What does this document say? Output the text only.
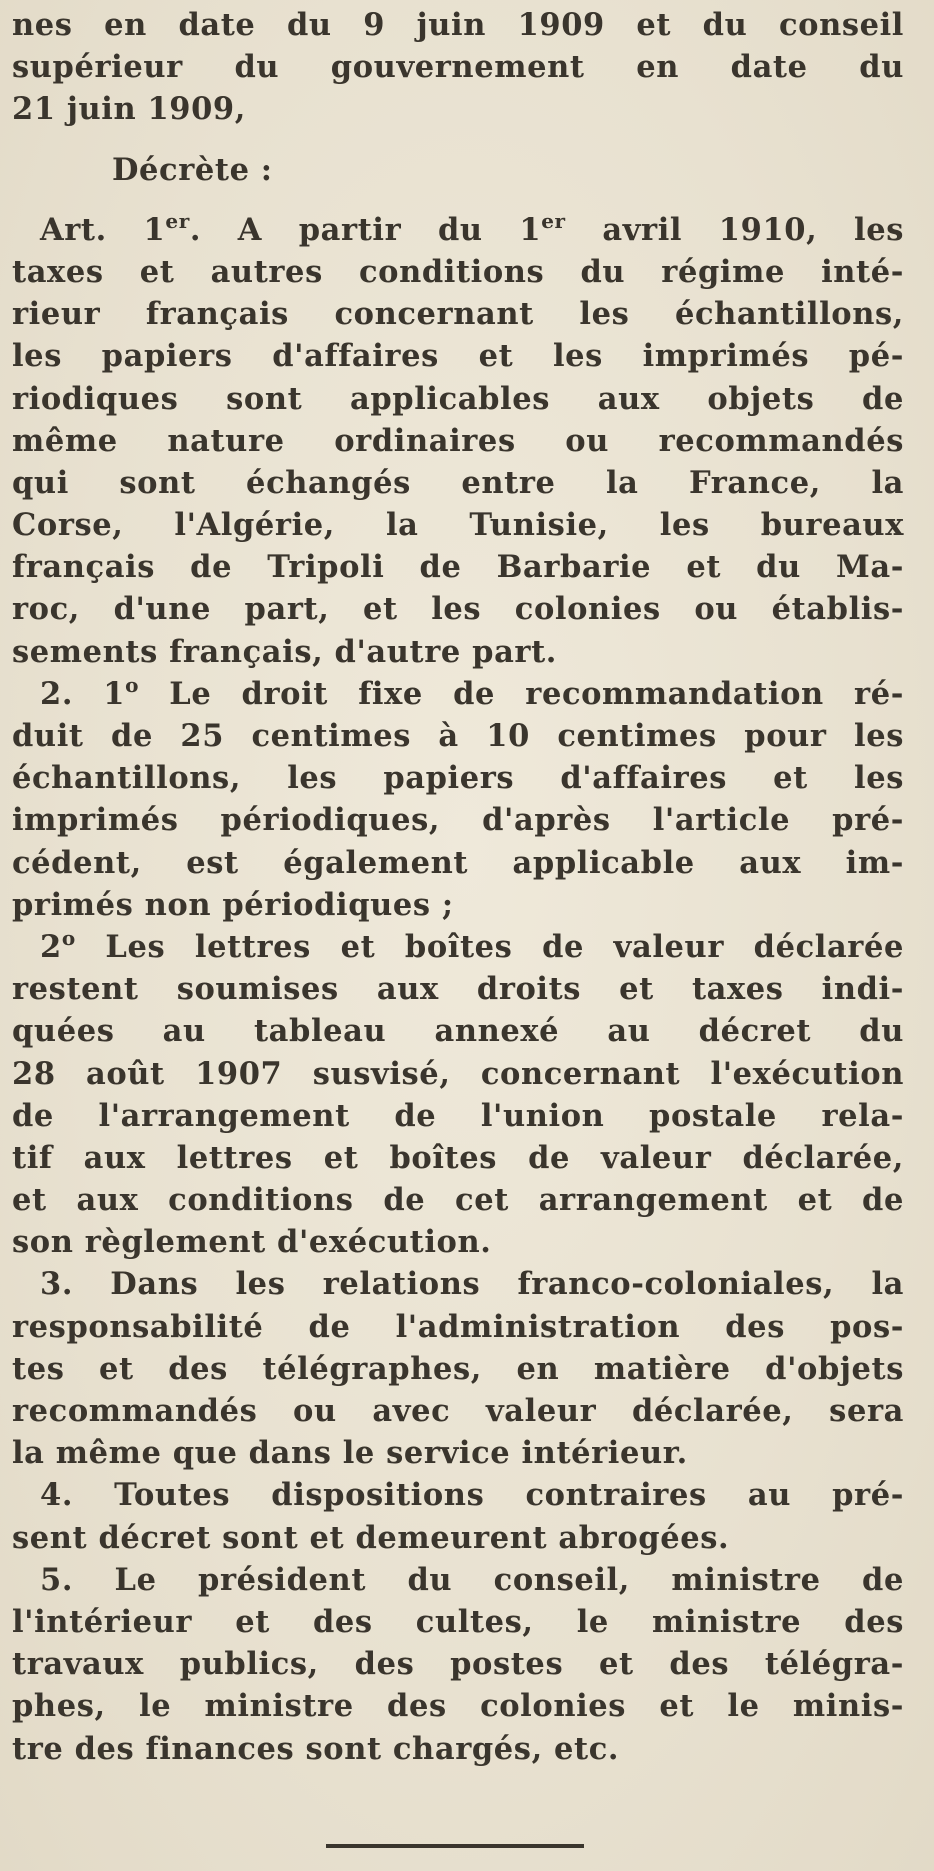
nes en date du 9 juin 1909 et du conseil
supérieur du gouvernement en date du
21 juin 1909,
Décrète :
Art. 1er. A partir du 1er avril 1910, les
taxes et autres conditions du régime inté-
rieur français concernant les échantillons,
les papiers d'affaires et les imprimés pé-
riodiques sont applicables aux objets de
même nature ordinaires ou recommandés
qui sont échangés entre la France, la
Corse, l'Algérie, la Tunisie, les bureaux
français de Tripoli de Barbarie et du Ma-
roc, d'une part, et les colonies ou établis-
sements français, d'autre part.
2. 1$^o$ Le droit fixe de recommandation ré-
duit de 25 centimes à 10 centimes pour les
échantillons, les papiers d'affaires et les
imprimés périodiques, d'après l'article pré-
cédent, est également applicable aux im-
primés non périodiques ;
2$^o$ Les lettres et boîtes de valeur déclarée
restent soumises aux droits et taxes indi-
quées au tableau annexé au décret du
28 août 1907 susvisé, concernant l'exécution
de l'arrangement de l'union postale rela-
tif aux lettres et boîtes de valeur déclarée,
et aux conditions de cet arrangement et de
son règlement d'exécution.
3. Dans les relations franco-coloniales, la
responsabilité de l'administration des pos-
tes et des télégraphes, en matière d'objets
recommandés ou avec valeur déclarée, sera
la même que dans le service intérieur.
4. Toutes dispositions contraires au pré-
sent décret sont et demeurent abrogées.
5. Le président du conseil, ministre de
l'intérieur et des cultes, le ministre des
travaux publics, des postes et des télégra-
phes, le ministre des colonies et le minis-
tre des finances sont chargés, etc.
